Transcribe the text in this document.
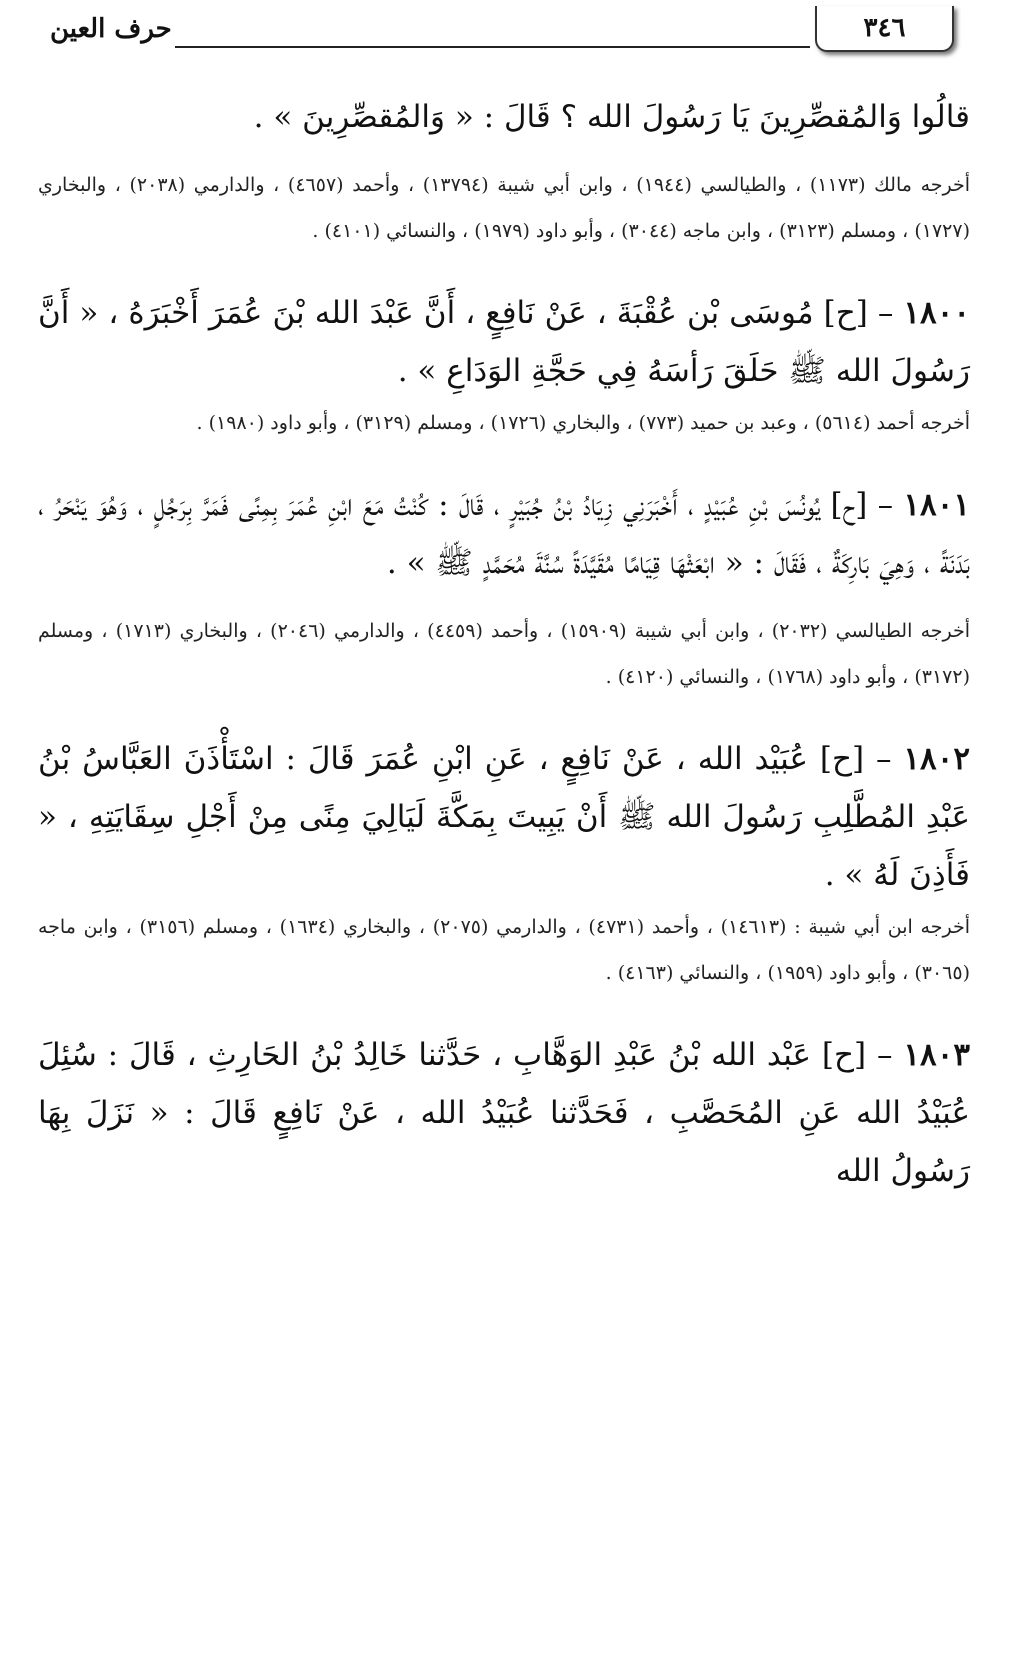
٣٤٦
حرف العين

قالُوا وَالمُقصِّرِينَ يَا رَسُولَ الله ؟ قَالَ : « وَالمُقصِّرِينَ » .

أخرجه مالك (١١٧٣) ، والطيالسي (١٩٤٤) ، وابن أبي شيبة (١٣٧٩٤) ، وأحمد (٤٦٥٧) ، والدارمي (٢٠٣٨) ، والبخاري (١٧٢٧) ، ومسلم (٣١٢٣) ، وابن ماجه (٣٠٤٤) ، وأبو داود (١٩٧٩) ، والنسائي (٤١٠١) .

١٨٠٠ – [ح] مُوسَى بْن عُقْبَةَ ، عَنْ نَافِعٍ ، أَنَّ عَبْدَ الله بْنَ عُمَرَ أَخْبَرَهُ ، « أَنَّ رَسُولَ الله ﷺ حَلَقَ رَأسَهُ فِي حَجَّةِ الوَدَاعِ » .

أخرجه أحمد (٥٦١٤) ، وعبد بن حميد (٧٧٣) ، والبخاري (١٧٢٦) ، ومسلم (٣١٢٩) ، وأبو داود (١٩٨٠) .

١٨٠١ – [ح] يُونُسَ بْنِ عُبَيْدٍ ، أَخْبَرَنِي زِيَادُ بْنُ جُبَيْرٍ ، قَالَ : كُنْتُ مَعَ ابْنِ عُمَرَ بِمِنًى فَمَرَّ بِرَجُلٍ ، وَهُوَ يَنْحَرُ ، بَدَنَةً ، وَهِيَ بَارِكَةٌ ، فَقَالَ : « ابْعَثْهَا قِيَامًا مُقَيَّدَةً سُنَّةَ مُحَمَّدٍ ﷺ » .

أخرجه الطيالسي (٢٠٣٢) ، وابن أبي شيبة (١٥٩٠٩) ، وأحمد (٤٤٥٩) ، والدارمي (٢٠٤٦) ، والبخاري (١٧١٣) ، ومسلم (٣١٧٢) ، وأبو داود (١٧٦٨) ، والنسائي (٤١٢٠) .

١٨٠٢ – [ح] عُبَيْد الله ، عَنْ نَافِعٍ ، عَنِ ابْنِ عُمَرَ قَالَ : اسْتَأْذَنَ العَبَّاسُ بْنُ عَبْدِ المُطَّلِبِ رَسُولَ الله ﷺ أَنْ يَبِيتَ بِمَكَّةَ لَيَالِيَ مِنًى مِنْ أَجْلِ سِقَايَتِهِ ، « فَأَذِنَ لَهُ » .

أخرجه ابن أبي شيبة : (١٤٦١٣) ، وأحمد (٤٧٣١) ، والدارمي (٢٠٧٥) ، والبخاري (١٦٣٤) ، ومسلم (٣١٥٦) ، وابن ماجه (٣٠٦٥) ، وأبو داود (١٩٥٩) ، والنسائي (٤١٦٣) .

١٨٠٣ – [ح] عَبْد الله بْنُ عَبْدِ الوَهَّابِ ، حَدَّثنا خَالِدُ بْنُ الحَارِثِ ، قَالَ : سُئِلَ عُبَيْدُ الله عَنِ المُحَصَّبِ ، فَحَدَّثنا عُبَيْدُ الله ، عَنْ نَافِعٍ قَالَ : « نَزَلَ بِهَا رَسُولُ الله
